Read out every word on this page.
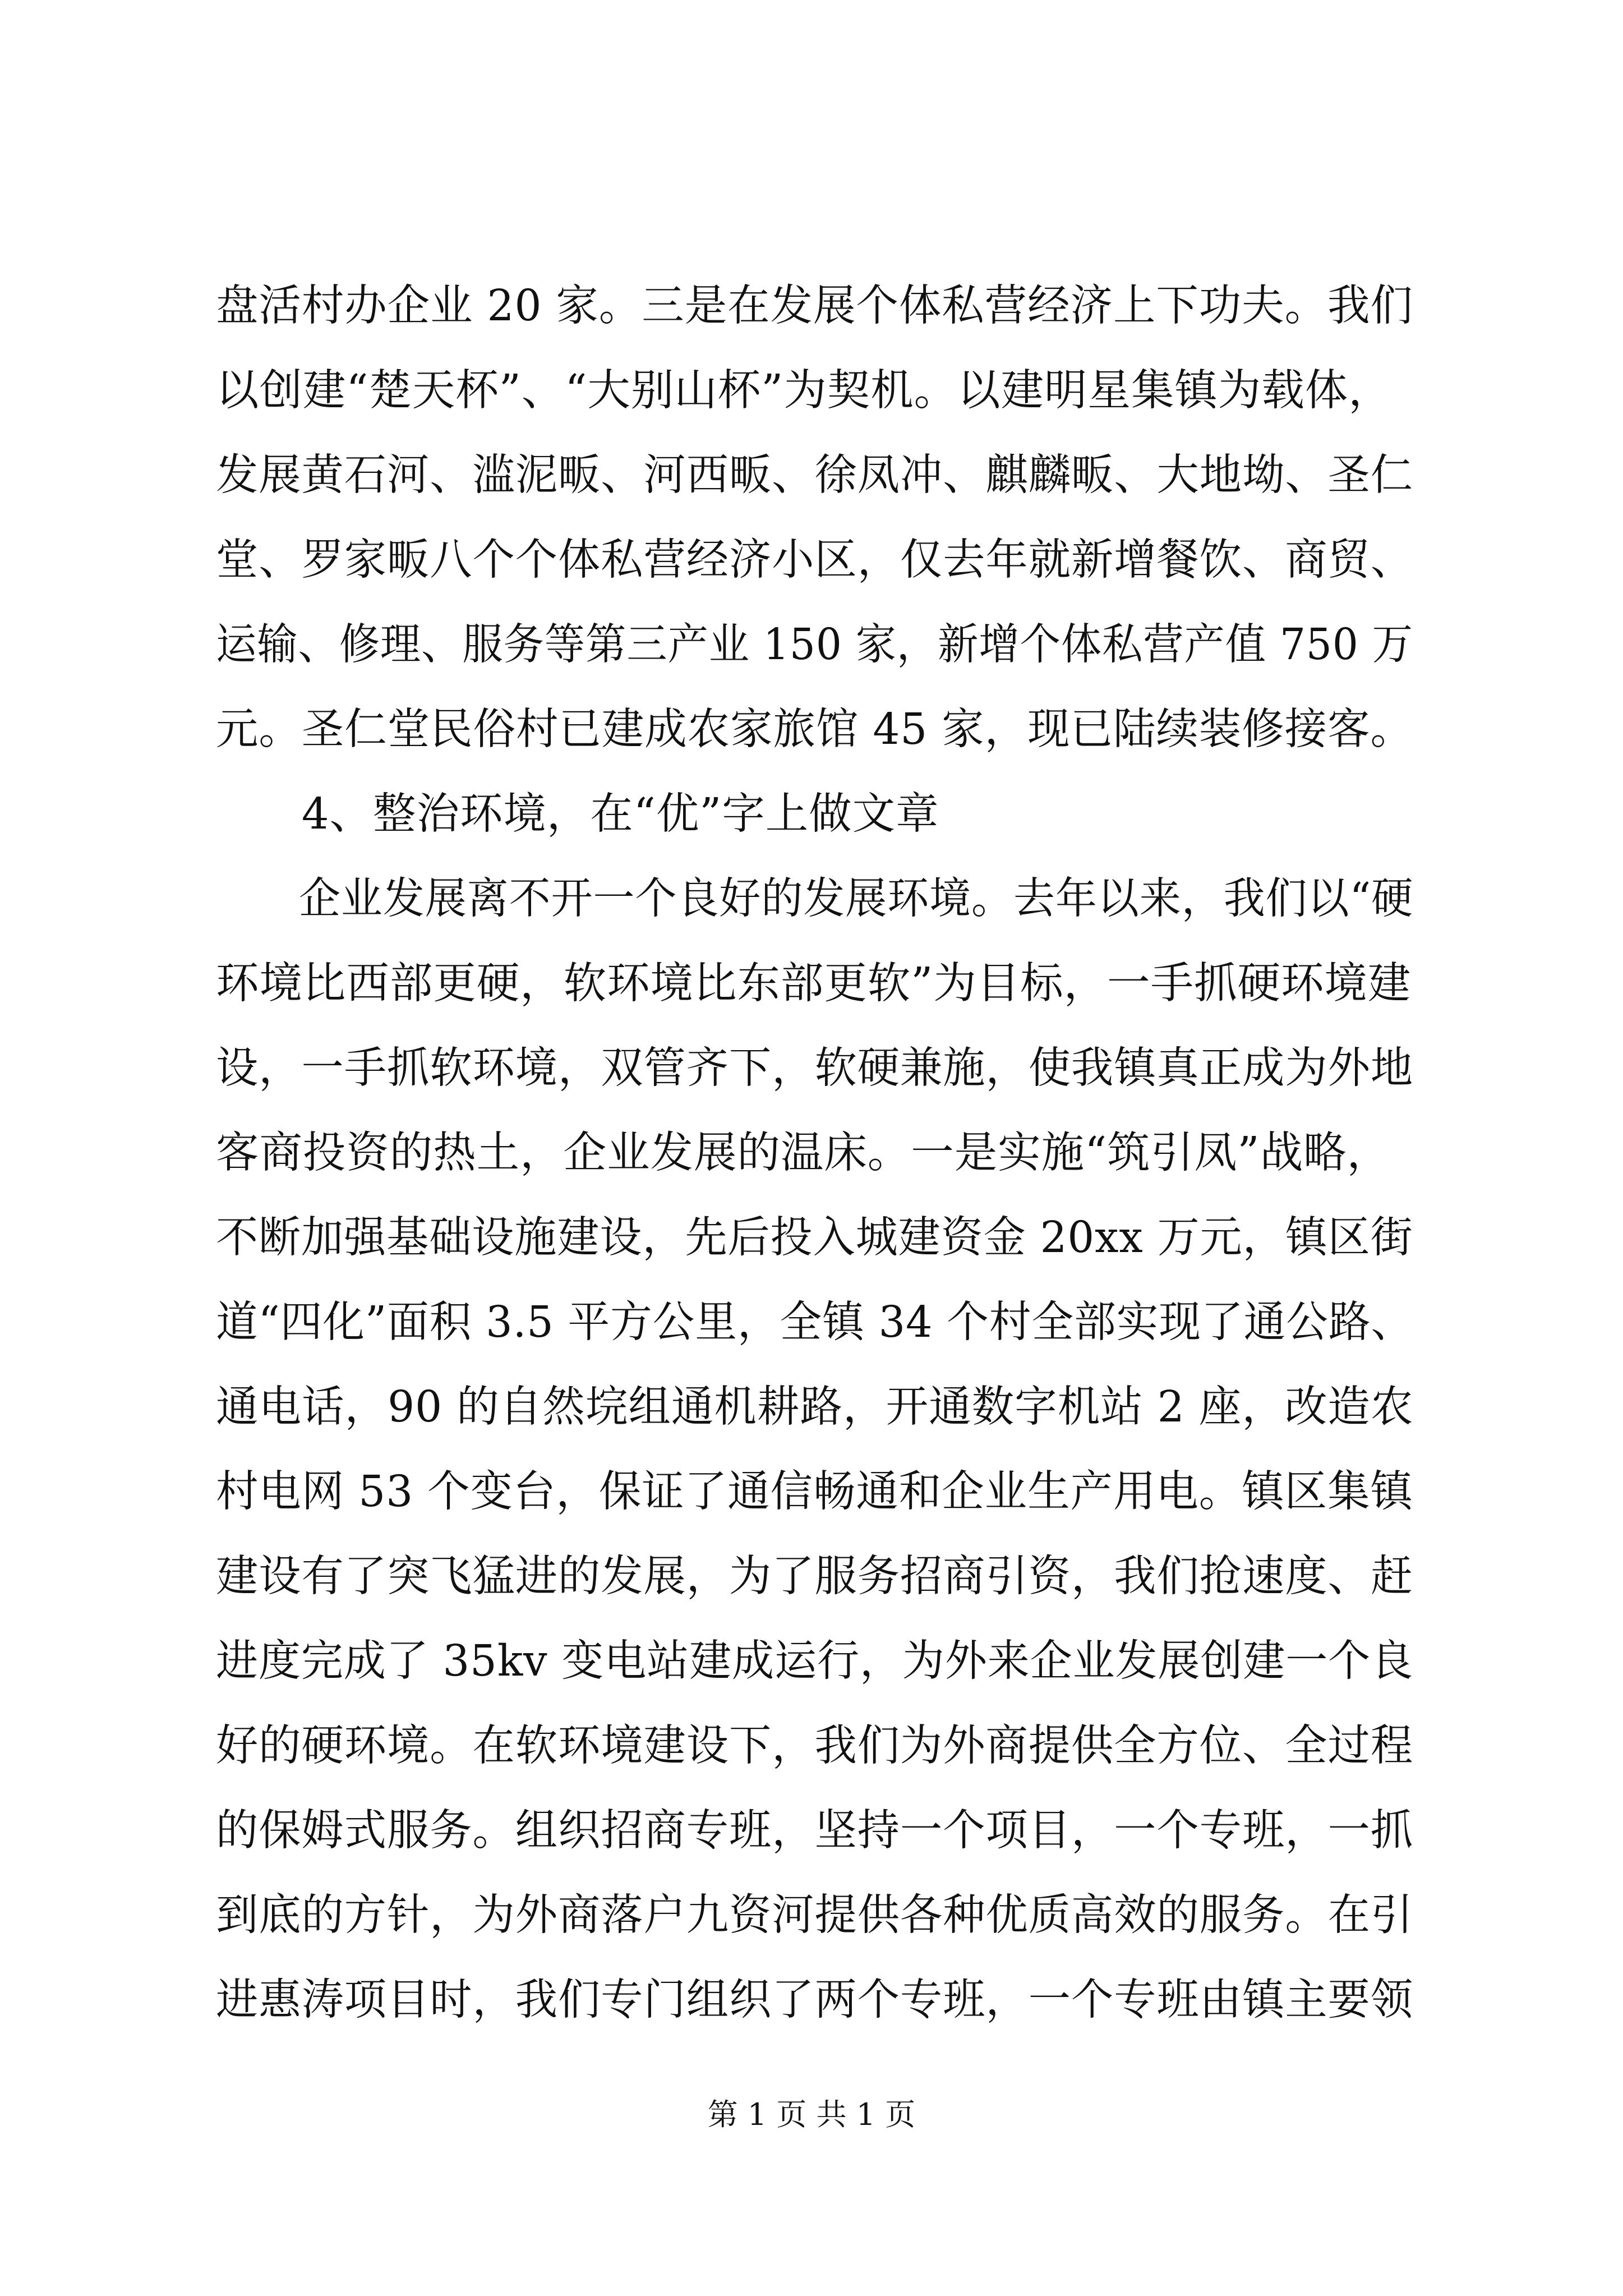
盘活村办企业 20 家。三是在发展个体私营经济上下功夫。我们
以创建“楚天杯”、“大别山杯”为契机。以建明星集镇为载体，
发展黄石河、滥泥畈、河西畈、徐凤冲、麒麟畈、大地坳、圣仁
堂、罗家畈八个个体私营经济小区，仅去年就新增餐饮、商贸、
运输、修理、服务等第三产业 150 家，新增个体私营产值 750 万
元。圣仁堂民俗村已建成农家旅馆 45 家，现已陆续装修接客。
4、整治环境，在“优”字上做文章
企业发展离不开一个良好的发展环境。去年以来，我们以“硬
环境比西部更硬，软环境比东部更软”为目标，一手抓硬环境建
设，一手抓软环境，双管齐下，软硬兼施，使我镇真正成为外地
客商投资的热土，企业发展的温床。一是实施“筑引凤”战略，
不断加强基础设施建设，先后投入城建资金 20xx 万元，镇区街
道“四化”面积 3.5 平方公里，全镇 34 个村全部实现了通公路、
通电话，90 的自然垸组通机耕路，开通数字机站 2 座，改造农
村电网 53 个变台，保证了通信畅通和企业生产用电。镇区集镇
建设有了突飞猛进的发展，为了服务招商引资，我们抢速度、赶
进度完成了 35kv 变电站建成运行，为外来企业发展创建一个良
好的硬环境。在软环境建设下，我们为外商提供全方位、全过程
的保姆式服务。组织招商专班，坚持一个项目，一个专班，一抓
到底的方针，为外商落户九资河提供各种优质高效的服务。在引
进惠涛项目时，我们专门组织了两个专班，一个专班由镇主要领
第 1 页 共 1 页
